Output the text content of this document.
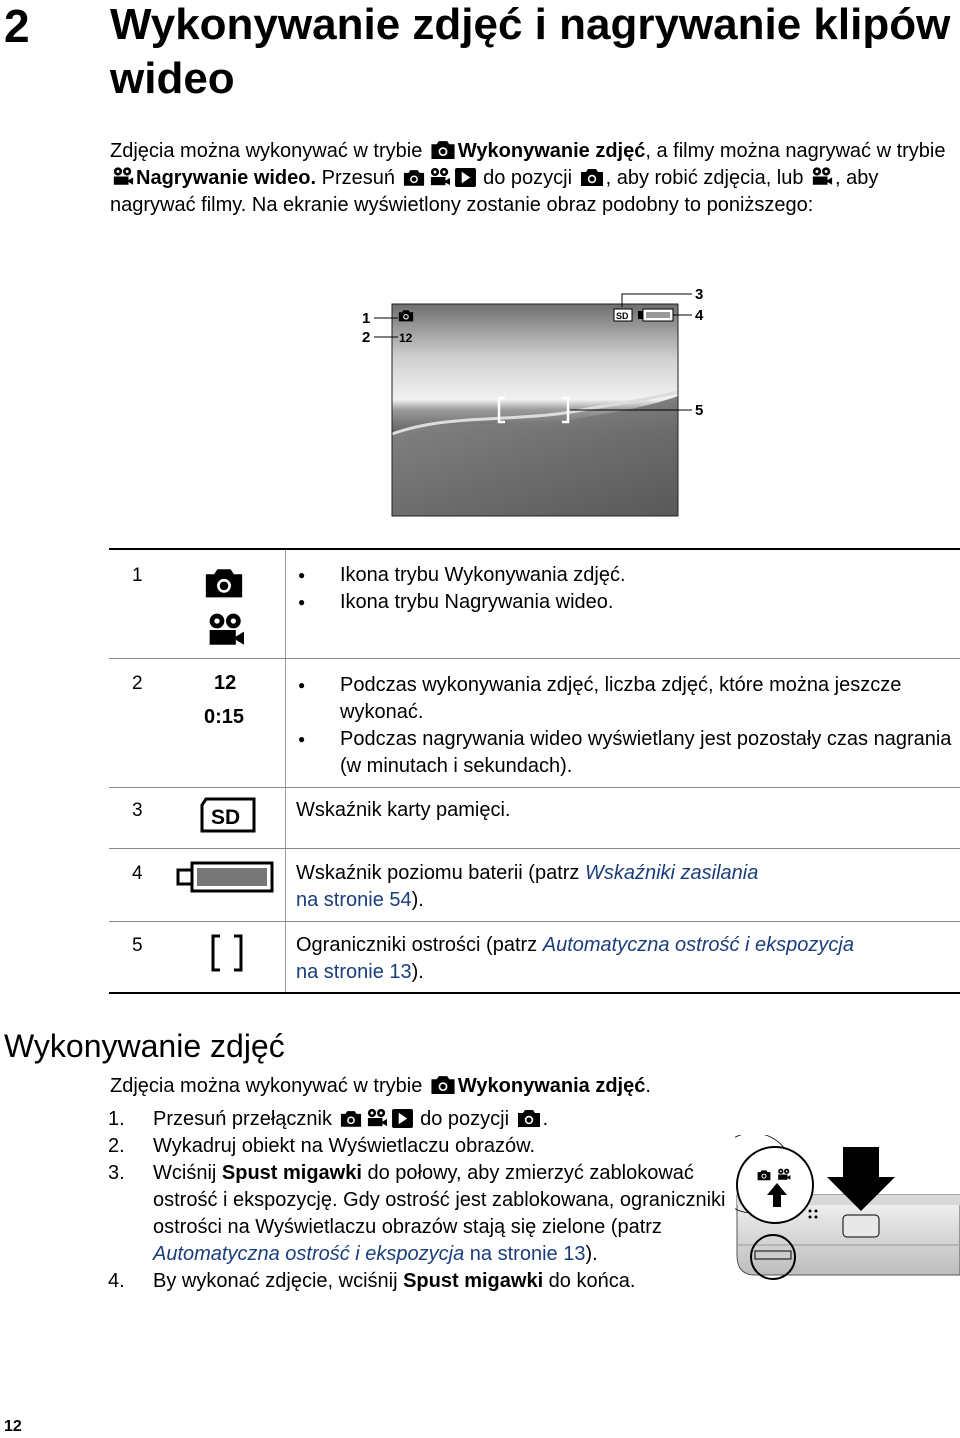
2 Wykonywanie zdjęć i nagrywanie klipów wideo
Zdjęcia można wykonywać w trybie
Wykonywanie zdjęć, a filmy można nagrywać w trybie
Nagrywanie wideo. Przesuń	do pozycji
, aby robić zdjęcia, lub
, aby nagrywać filmy. Na ekranie wyświetlony zostanie obraz podobny to poniższego:
12
SD
1
2
3
4
5
1
●	Ikona trybu Wykonywania zdjęć.
● Ikona trybu Nagrywania wideo.
2	12
0:15
● Podczas wykonywania zdjęć, liczba zdjęć, które można jeszcze wykonać.
● Podczas nagrywania wideo wyświetlany jest pozostały czas nagrania (w minutach i sekundach).
3	SD	Wskaźnik karty pamięci.
4	Wskaźnik poziomu baterii (patrz Wskaźniki zasilania
na stronie 54).
5	Ograniczniki ostrości (patrz Automatyczna ostrość i ekspozycja
na stronie 13).
Wykonywanie zdjęć
Zdjęcia można wykonywać w trybie
Wykonywania zdjęć.
1. Przesuń przełącznik	do pozycji
.
2. Wykadruj obiekt na Wyświetlaczu obrazów.
3. Wciśnij Spust migawki do połowy, aby zmierzyć zablokować ostrość i ekspozycję. Gdy ostrość jest zablokowana, ograniczniki ostrości na Wyświetlaczu obrazów stają się zielone (patrz Automatyczna ostrość i ekspozycja na stronie 13).
4. By wykonać zdjęcie, wciśnij Spust migawki do końca.
12
